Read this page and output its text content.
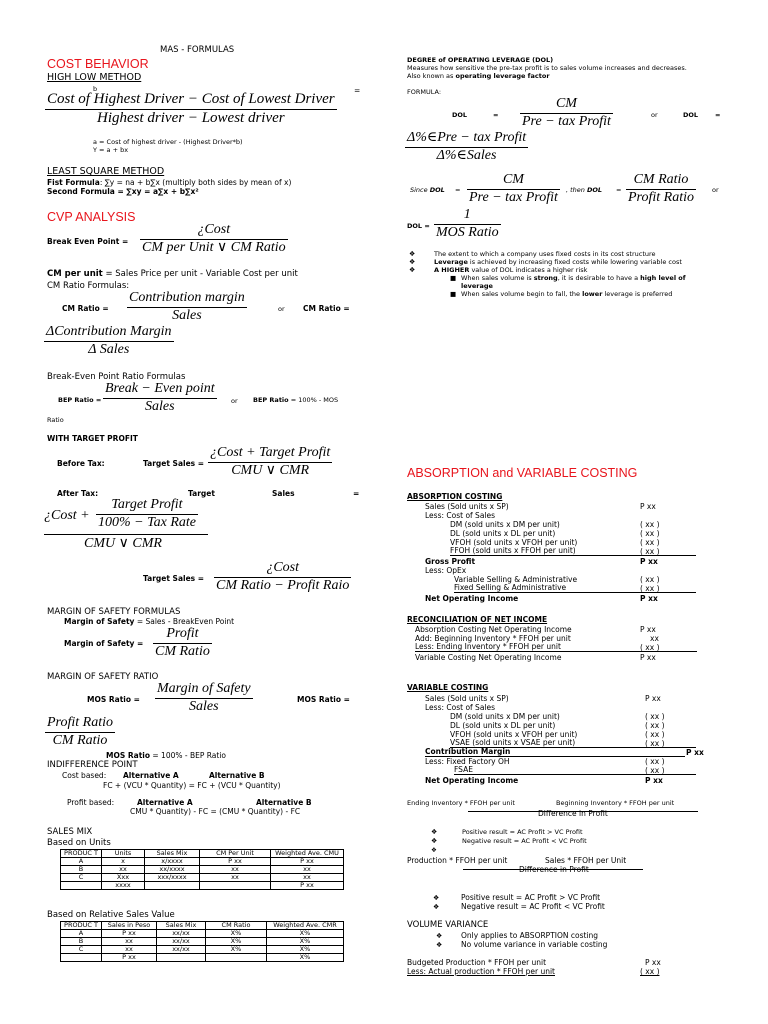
MAS - FORMULAS
COST BEHAVIOR
HIGH LOW METHOD
b	=
Cost of Highest Driver − Cost of Lowest Driver
Highest driver − Lowest driver
a = Cost of highest driver - (Highest Driver*b)
Y = a + bx
LEAST SQUARE METHOD
Fist Formula: ∑y = na + b∑x (multiply both sides by mean of x)
Second Formula = ∑xy = a∑x + b∑x²
CVP ANALYSIS
Break Even Point =
¿Cost
CM per Unit ∨ CM Ratio
CM per unit = Sales Price per unit - Variable Cost per unit
CM Ratio Formulas:
CM Ratio =
Contribution margin
Sales	or CM Ratio =
ΔContribution Margin
Δ Sales
Break-Even Point Ratio Formulas
BEP Ratio =
Break − Even point
Sales	or BEP Ratio = 100% - MOS
Ratio
WITH TARGET PROFIT
Before Tax:	Target Sales =
¿Cost + Target Profit
CMU ∨ CMR
After Tax:	Target	Sales	=
¿Cost +
Target Profit
100% − Tax Rate
CMU ∨ CMR
Target Sales =
¿Cost
CM Ratio − Profit Raio
MARGIN OF SAFETY FORMULAS
Margin of Safety = Sales - BreakEven Point
Margin of Safety =
Profit
CM Ratio
MARGIN OF SAFETY RATIO
MOS Ratio =
Margin of Safety
Sales	MOS Ratio =
Profit Ratio
CM Ratio
MOS Ratio = 100% - BEP Ratio
INDIFFERENCE POINT
Cost based: Alternative A	Alternative B
FC + (VCU * Quantity) = FC + (VCU * Quantity)
Profit based:	Alternative A	Alternative B
CMU * Quantity) - FC = (CMU * Quantity) - FC
SALES MIX
Based on Units
PRODUC T	Units	Sales Mix	CM Per Unit	Weighted Ave. CMU
A	x	x/xxxx	P xx	P xx
B	xx	xx/xxxx	xx	xx
C	Xxx	xxx/xxxx	xx	xx
	xxxx			P xx
Based on Relative Sales Value
PRODUC T	Sales in Peso	Sales Mix	CM Ratio	Weighted Ave. CMR
A	P xx	xx/xx	X%	X%
B	xx	xx/xx	X%	X%
C	xx	xx/xx	X%	X%
	P xx			X%
DEGREE of OPERATING LEVERAGE (DOL)
Measures how sensitive the pre-tax profit is to sales volume increases and decreases.
Also known as operating leverage factor
FORMULA:
DOL	=
CM
Pre − tax Profit	or	DOL	=
Δ%∈Pre − tax Profit
Δ%∈Sales
Since DOL =
CM
Pre − tax Profit	, then DOL =
CM Ratio
Profit Ratio	or
DOL =
1
MOS Ratio
❖	The extent to which a company uses fixed costs in its cost structure
❖	Leverage is achieved by increasing fixed costs while lowering variable cost
❖	A HIGHER value of DOL indicates a higher risk
■ When sales volume is strong, it is desirable to have a high level of
leverage
■ When sales volume begin to fall, the lower leverage is preferred
ABSORPTION and VARIABLE COSTING
ABSORPTION COSTING
Sales (Sold units x SP)	P xx
Less: Cost of Sales
DM (sold units x DM per unit)	( xx )
DL (sold units x DL per unit)	( xx )
VFOH (sold units x VFOH per unit)	( xx )
FFOH (sold units x FFOH per unit)	( xx )
Gross Profit	P xx
Less: OpEx
Variable Selling & Administrative	( xx )
Fixed Selling & Administrative	( xx )
Net Operating Income	P xx
RECONCILIATION OF NET INCOME
Absorption Costing Net Operating Income	P xx
Add: Beginning Inventory * FFOH per unit	xx
Less: Ending Inventory * FFOH per unit	( xx )
Variable Costing Net Operating Income	P xx
VARIABLE COSTING
Sales (Sold units x SP)	P xx
Less: Cost of Sales
DM (sold units x DM per unit)	( xx )
DL (sold units x DL per unit)	( xx )
VFOH (sold units x VFOH per unit)	( xx )
VSAE (sold units x VSAE per unit)	( xx )
Contribution Margin	P xx
Less: Fixed Factory OH	( xx )
FSAE	( xx )
Net Operating Income	P xx
Ending Inventory * FFOH per unit	Beginning Inventory * FFOH per unit
Difference in Profit
❖	Positive result = AC Profit > VC Profit
❖	Negative result = AC Profit < VC Profit
❖
Production * FFOH per unit	Sales * FFOH per Unit
Difference in Profit
❖	Positive result = AC Profit > VC Profit
❖	Negative result = AC Profit < VC Profit
VOLUME VARIANCE
❖ Only applies to ABSORPTION costing
❖ No volume variance in variable costing
Budgeted Production * FFOH per unit	P xx
Less: Actual production * FFOH per unit	( xx )
